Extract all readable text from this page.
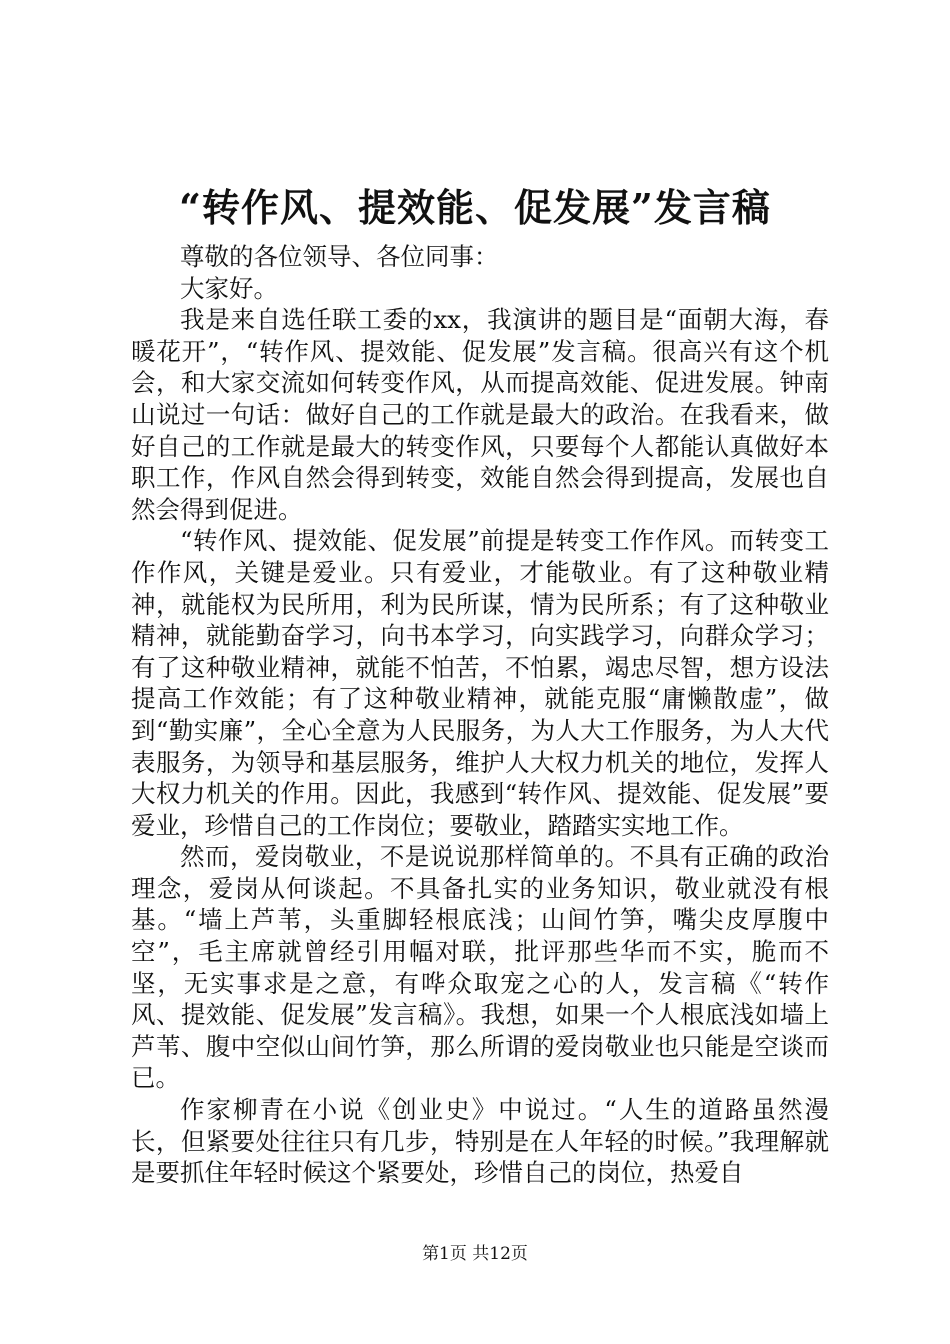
“转作风、提效能、促发展”发言稿

尊敬的各位领导、各位同事：

大家好。

我是来自选任联工委的xx，我演讲的题目是“面朝大海，春暖花开”，“转作风、提效能、促发展”发言稿。很高兴有这个机会，和大家交流如何转变作风，从而提高效能、促进发展。钟南山说过一句话：做好自己的工作就是最大的政治。在我看来，做好自己的工作就是最大的转变作风，只要每个人都能认真做好本职工作，作风自然会得到转变，效能自然会得到提高，发展也自然会得到促进。

“转作风、提效能、促发展”前提是转变工作作风。而转变工作作风，关键是爱业。只有爱业，才能敬业。有了这种敬业精神，就能权为民所用，利为民所谋，情为民所系；有了这种敬业精神，就能勤奋学习，向书本学习，向实践学习，向群众学习；有了这种敬业精神，就能不怕苦，不怕累，竭忠尽智，想方设法提高工作效能；有了这种敬业精神，就能克服“庸懒散虚”，做到“勤实廉”，全心全意为人民服务，为人大工作服务，为人大代表服务，为领导和基层服务，维护人大权力机关的地位，发挥人大权力机关的作用。因此，我感到“转作风、提效能、促发展”要爱业，珍惜自己的工作岗位；要敬业，踏踏实实地工作。

然而，爱岗敬业，不是说说那样简单的。不具有正确的政治理念，爱岗从何谈起。不具备扎实的业务知识，敬业就没有根基。“墙上芦苇，头重脚轻根底浅；山间竹笋，嘴尖皮厚腹中空”，毛主席就曾经引用幅对联，批评那些华而不实，脆而不坚，无实事求是之意，有哗众取宠之心的人，发言稿《“转作风、提效能、促发展”发言稿》。我想，如果一个人根底浅如墙上芦苇、腹中空似山间竹笋，那么所谓的爱岗敬业也只能是空谈而已。

作家柳青在小说《创业史》中说过。“人生的道路虽然漫长，但紧要处往往只有几步，特别是在人年轻的时候。”我理解就是要抓住年轻时候这个紧要处，珍惜自己的岗位，热爱自

第1页 共12页
